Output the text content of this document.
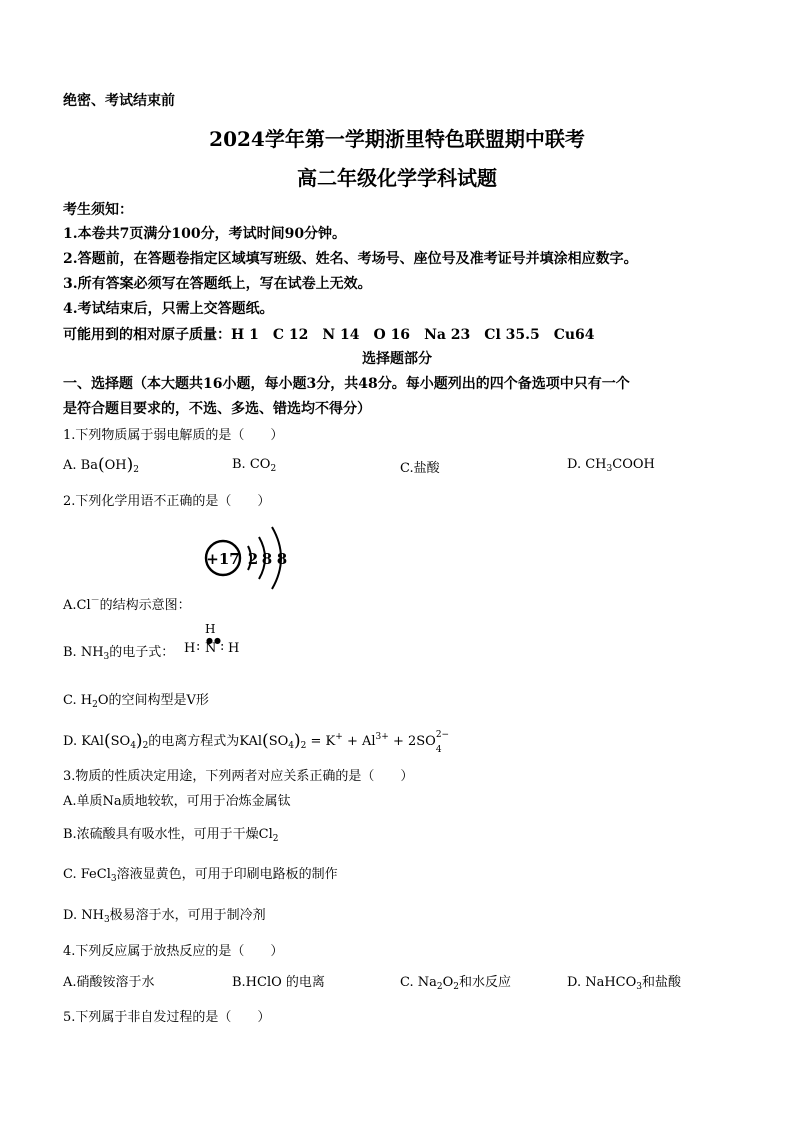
绝密、考试结束前
2024学年第一学期浙里特色联盟期中联考
高二年级化学学科试题
考生须知：
1.本卷共7页满分100分，考试时间90分钟。
2.答题前，在答题卷指定区域填写班级、姓名、考场号、座位号及准考证号并填涂相应数字。
3.所有答案必须写在答题纸上，写在试卷上无效。
4.考试结束后，只需上交答题纸。
可能用到的相对原子质量：H 1 C 12 N 14 O 16 Na 23 Cl 35.5 Cu64
选择题部分
一、选择题（本大题共16小题，每小题3分，共48分。每小题列出的四个备选项中只有一个
是符合题目要求的，不选、多选、错选均不得分）
1.下列物质属于弱电解质的是（　　）
A. $Ba(OH)_2$	B. $CO_2$	C.盐酸	D. $CH_3COOH$
2.下列化学用语不正确的是（　　）
+17 2 8 8
A.Cl－的结构示意图：
B. $NH_3$的电子式：
H
●●
H : N : H
C. $H_2O$的空间构型是V形
D. $KAl(SO_4)_2$的电离方程式为$KAl(SO_4)_2 = K^+ + Al^{3+} + 2SO$ 2−
4
3.物质的性质决定用途，下列两者对应关系正确的是（　　）
A.单质Na质地较软，可用于冶炼金属钛
B.浓硫酸具有吸水性，可用于干燥$Cl_2$
C. FeCl$_3$溶液显黄色，可用于印刷电路板的制作
D. $NH_3$极易溶于水，可用于制冷剂
4.下列反应属于放热反应的是（　　）
A.硝酸铵溶于水	B.HClO 的电离	C. $Na_2O_2$和水反应	D. NaHCO$_3$和盐酸
5.下列属于非自发过程的是（　　）
